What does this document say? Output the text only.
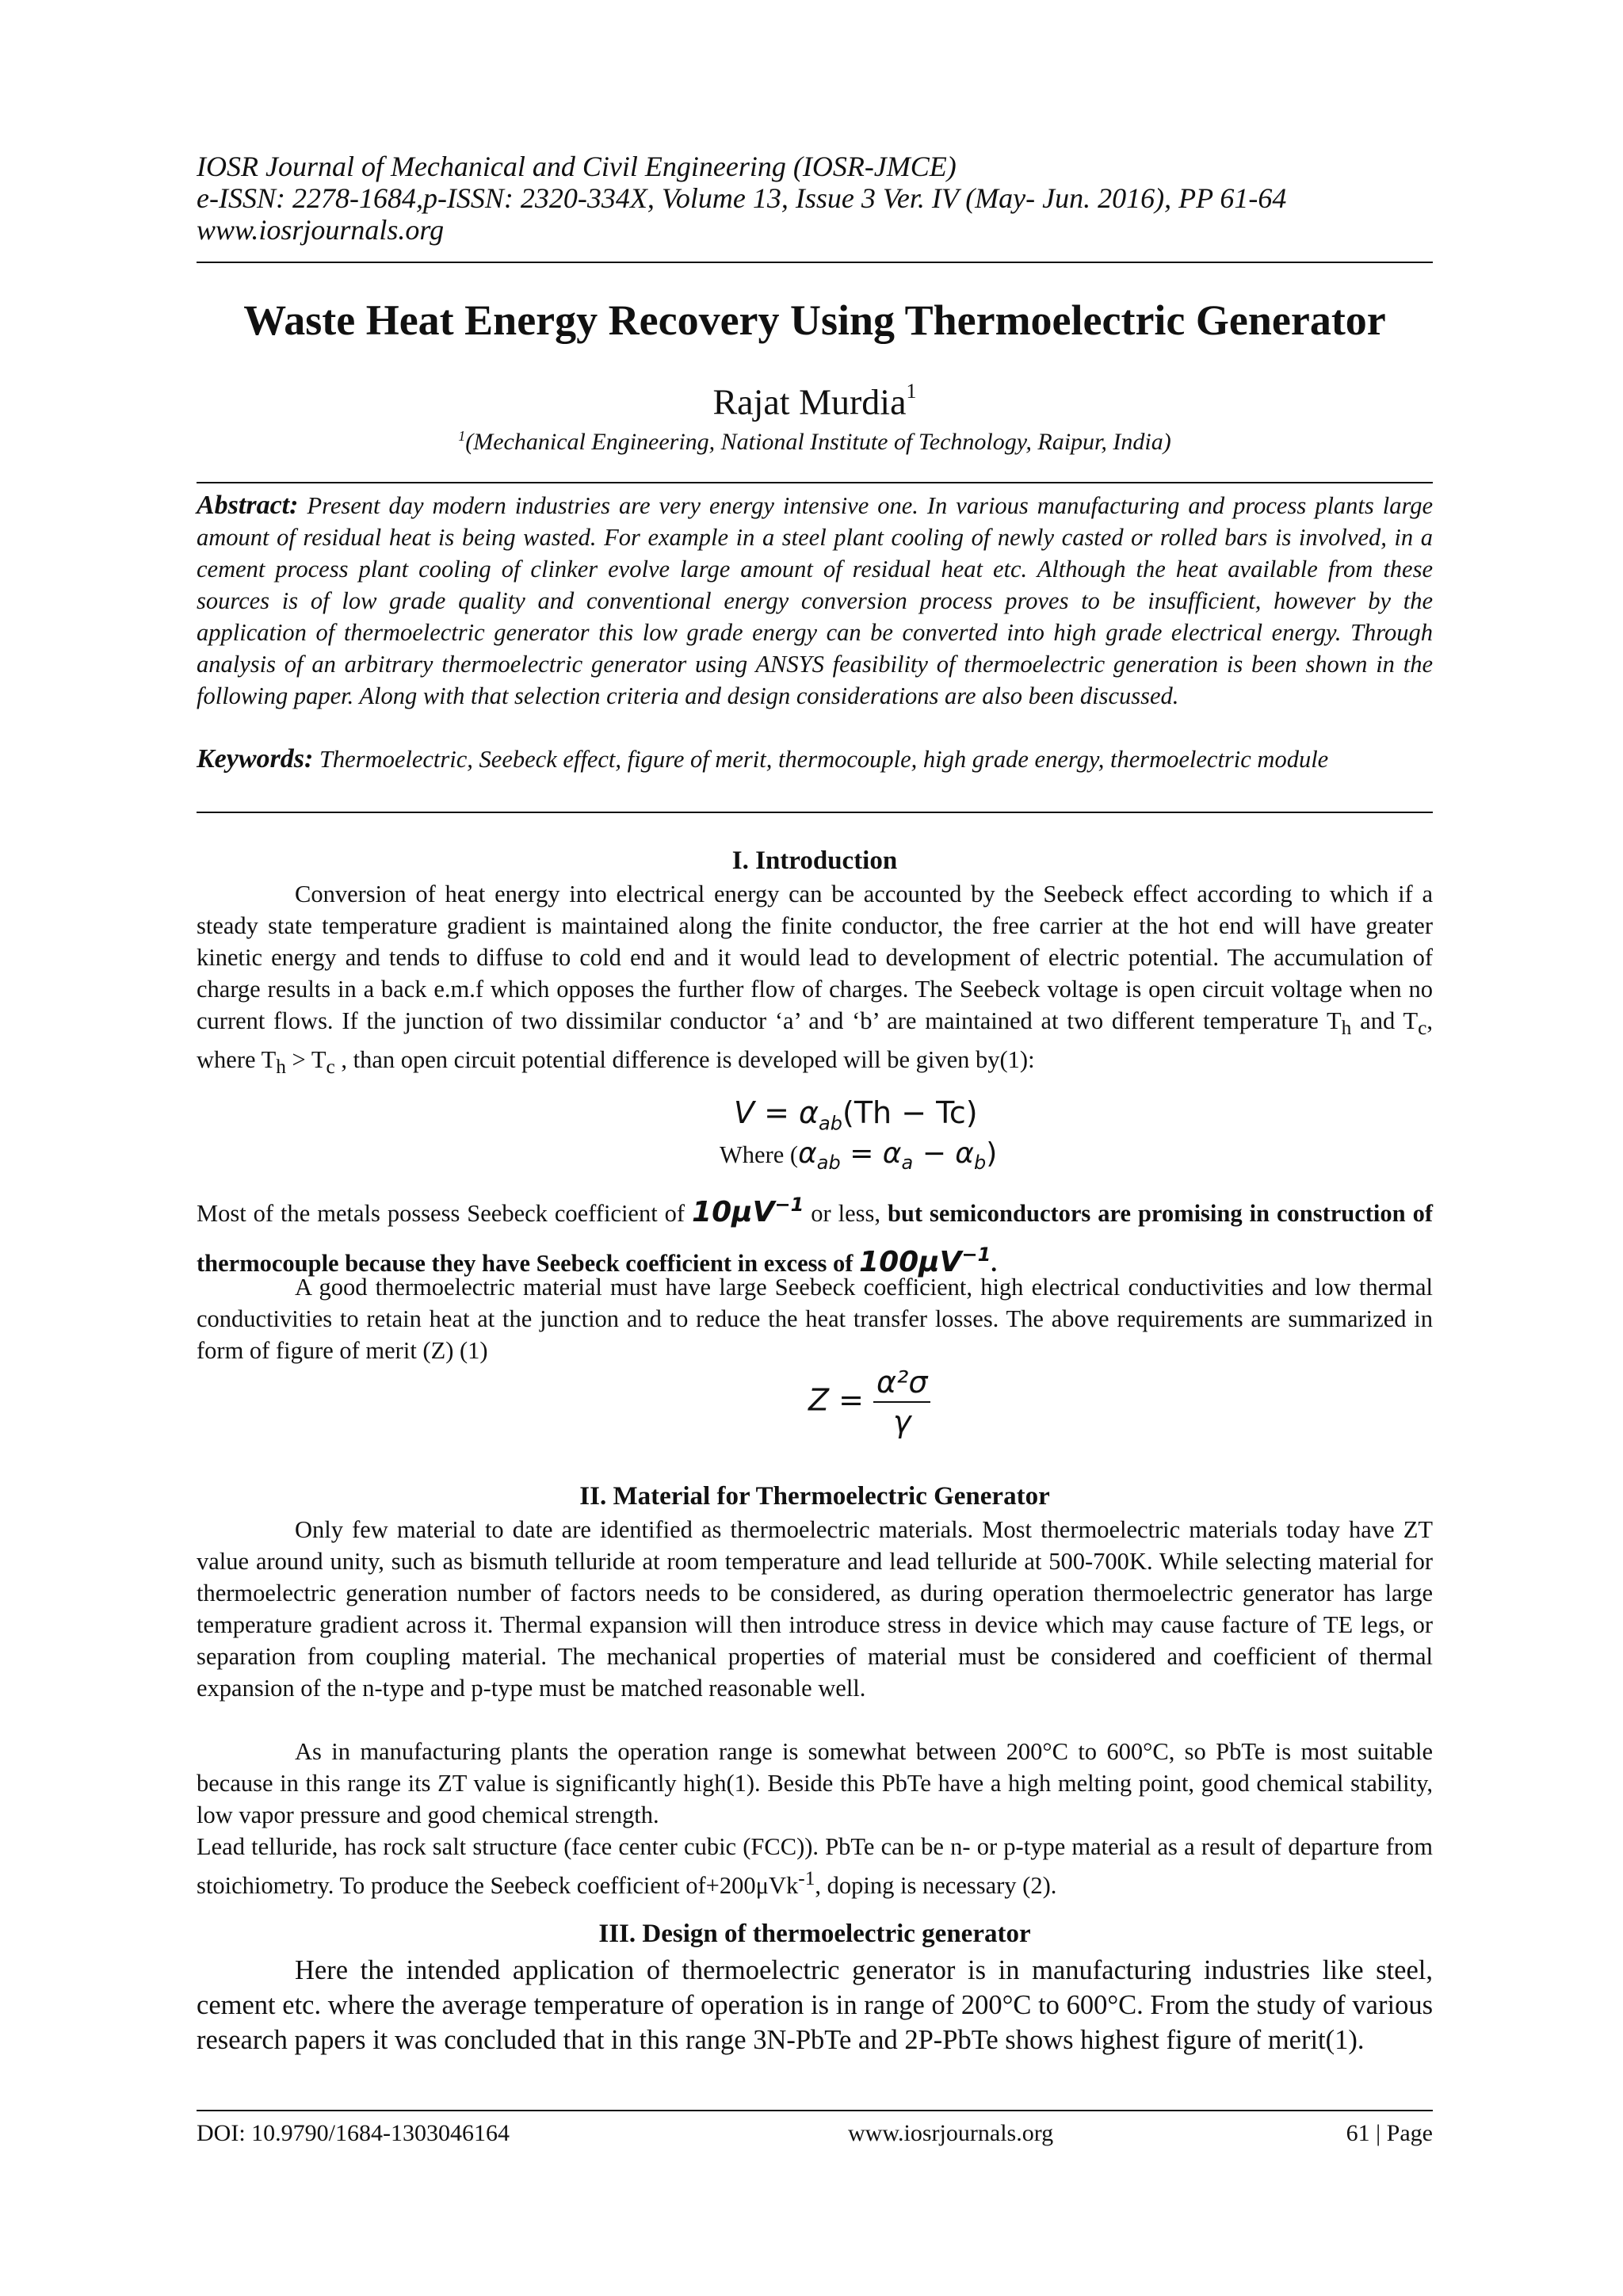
IOSR Journal of Mechanical and Civil Engineering (IOSR-JMCE)
e-ISSN: 2278-1684,p-ISSN: 2320-334X, Volume 13, Issue 3 Ver. IV (May- Jun. 2016), PP 61-64
www.iosrjournals.org
Waste Heat Energy Recovery Using Thermoelectric Generator
Rajat Murdia$^1$
$^1$(Mechanical Engineering, National Institute of Technology, Raipur, India)
Abstract: Present day modern industries are very energy intensive one. In various manufacturing and process plants large amount of residual heat is being wasted. For example in a steel plant cooling of newly casted or rolled bars is involved, in a cement process plant cooling of clinker evolve large amount of residual heat etc. Although the heat available from these sources is of low grade quality and conventional energy conversion process proves to be insufficient, however by the application of thermoelectric generator this low grade energy can be converted into high grade electrical energy. Through analysis of an arbitrary thermoelectric generator using ANSYS feasibility of thermoelectric generation is been shown in the following paper. Along with that selection criteria and design considerations are also been discussed.
Keywords: Thermoelectric, Seebeck effect, figure of merit, thermocouple, high grade energy, thermoelectric module
I. Introduction
Conversion of heat energy into electrical energy can be accounted by the Seebeck effect according to which if a steady state temperature gradient is maintained along the finite conductor, the free carrier at the hot end will have greater kinetic energy and tends to diffuse to cold end and it would lead to development of electric potential. The accumulation of charge results in a back e.m.f which opposes the further flow of charges. The Seebeck voltage is open circuit voltage when no current flows. If the junction of two dissimilar conductor ‘a’ and ‘b’ are maintained at two different temperature $T_h$ and $T_c$, where $T_h > T_c$ , than open circuit potential difference is developed will be given by(1):
$V = \alpha_{ab}(Th - Tc)$
Where $(\alpha_{ab} = \alpha_a - \alpha_b)$
Most of the metals possess Seebeck coefficient of $10\mu V^{-1}$ or less, but semiconductors are promising in construction of thermocouple because they have Seebeck coefficient in excess of $100\mu V^{-1}$.
A good thermoelectric material must have large Seebeck coefficient, high electrical conductivities and low thermal conductivities to retain heat at the junction and to reduce the heat transfer losses. The above requirements are summarized in form of figure of merit (Z) (1)
$Z = \frac{\text{α²σ}}{\gamma}$
II. Material for Thermoelectric Generator
Only few material to date are identified as thermoelectric materials. Most thermoelectric materials today have ZT value around unity, such as bismuth telluride at room temperature and lead telluride at 500-700K. While selecting material for thermoelectric generation number of factors needs to be considered, as during operation thermoelectric generator has large temperature gradient across it. Thermal expansion will then introduce stress in device which may cause facture of TE legs, or separation from coupling material. The mechanical properties of material must be considered and coefficient of thermal expansion of the n-type and p-type must be matched reasonable well.
As in manufacturing plants the operation range is somewhat between 200°C to 600°C, so PbTe is most suitable because in this range its ZT value is significantly high(1). Beside this PbTe have a high melting point, good chemical stability, low vapor pressure and good chemical strength.
Lead telluride, has rock salt structure (face center cubic (FCC)). PbTe can be n- or p-type material as a result of departure from stoichiometry. To produce the Seebeck coefficient of+200μVk$^{-1}$, doping is necessary (2).
III. Design of thermoelectric generator
Here the intended application of thermoelectric generator is in manufacturing industries like steel, cement etc. where the average temperature of operation is in range of 200°C to 600°C. From the study of various research papers it was concluded that in this range 3N-PbTe and 2P-PbTe shows highest figure of merit(1).
DOI: 10.9790/1684-1303046164	www.iosrjournals.org	61 | Page
